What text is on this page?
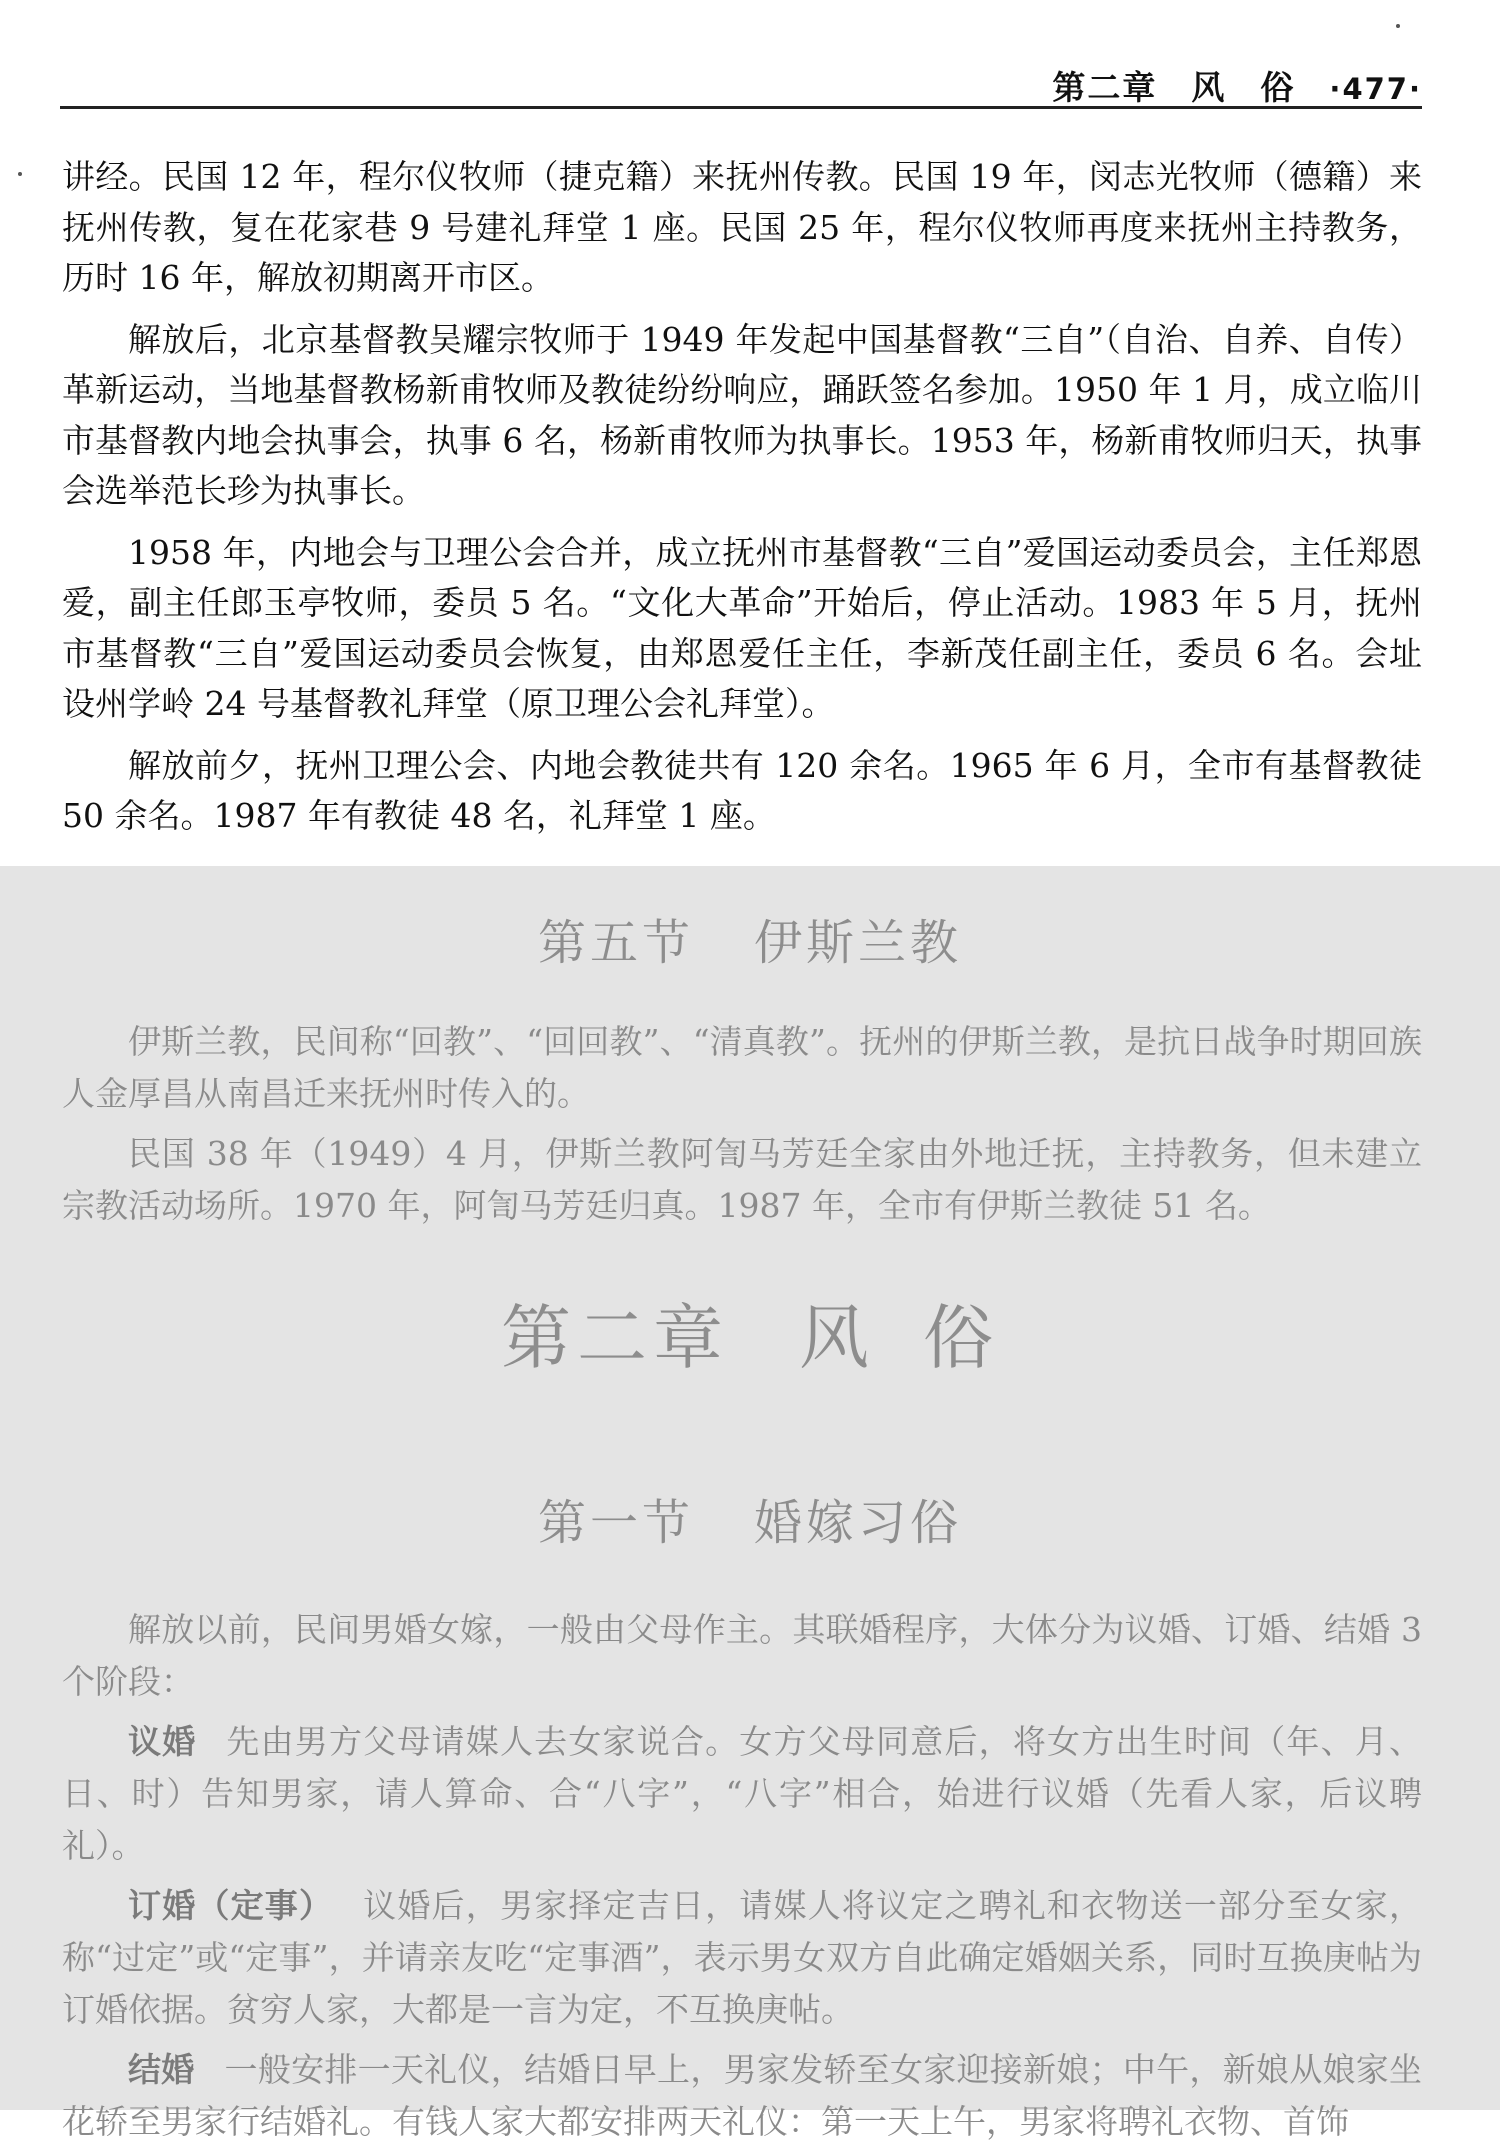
第二章 风 俗 ·477·

讲经。民国 12 年，程尔仪牧师（捷克籍）来抚州传教。民国 19 年，闵志光牧师（德籍）来抚州传教，复在花家巷 9 号建礼拜堂 1 座。民国 25 年，程尔仪牧师再度来抚州主持教务，历时 16 年，解放初期离开市区。

解放后，北京基督教吴耀宗牧师于 1949 年发起中国基督教“三自”（自治、自养、自传）革新运动，当地基督教杨新甫牧师及教徒纷纷响应，踊跃签名参加。1950 年 1 月，成立临川市基督教内地会执事会，执事 6 名，杨新甫牧师为执事长。1953 年，杨新甫牧师归天，执事会选举范长珍为执事长。

1958 年，内地会与卫理公会合并，成立抚州市基督教“三自”爱国运动委员会，主任郑恩爱，副主任郎玉亭牧师，委员 5 名。“文化大革命”开始后，停止活动。1983 年 5 月，抚州市基督教“三自”爱国运动委员会恢复，由郑恩爱任主任，李新茂任副主任，委员 6 名。会址设州学岭 24 号基督教礼拜堂（原卫理公会礼拜堂）。

解放前夕，抚州卫理公会、内地会教徒共有 120 余名。1965 年 6 月，全市有基督教徒 50 余名。1987 年有教徒 48 名，礼拜堂 1 座。

第五节 伊斯兰教

伊斯兰教，民间称“回教”、“回回教”、“清真教”。抚州的伊斯兰教，是抗日战争时期回族人金厚昌从南昌迁来抚州时传入的。

民国 38 年（1949）4 月，伊斯兰教阿訇马芳廷全家由外地迁抚，主持教务，但未建立宗教活动场所。1970 年，阿訇马芳廷归真。1987 年，全市有伊斯兰教徒 51 名。

第二章 风 俗
第一节 婚嫁习俗

解放以前，民间男婚女嫁，一般由父母作主。其联婚程序，大体分为议婚、订婚、结婚 3 个阶段：

议婚 先由男方父母请媒人去女家说合。女方父母同意后，将女方出生时间（年、月、日、时）告知男家，请人算命、合“八字”，“八字”相合，始进行议婚（先看人家，后议聘礼）。

订婚（定事） 议婚后，男家择定吉日，请媒人将议定之聘礼和衣物送一部分至女家，称“过定”或“定事”，并请亲友吃“定事酒”，表示男女双方自此确定婚姻关系，同时互换庚帖为订婚依据。贫穷人家，大都是一言为定，不互换庚帖。

结婚 一般安排一天礼仪，结婚日早上，男家发轿至女家迎接新娘；中午，新娘从娘家坐花轿至男家行结婚礼。有钱人家大都安排两天礼仪：第一天上午，男家将聘礼衣物、首饰
